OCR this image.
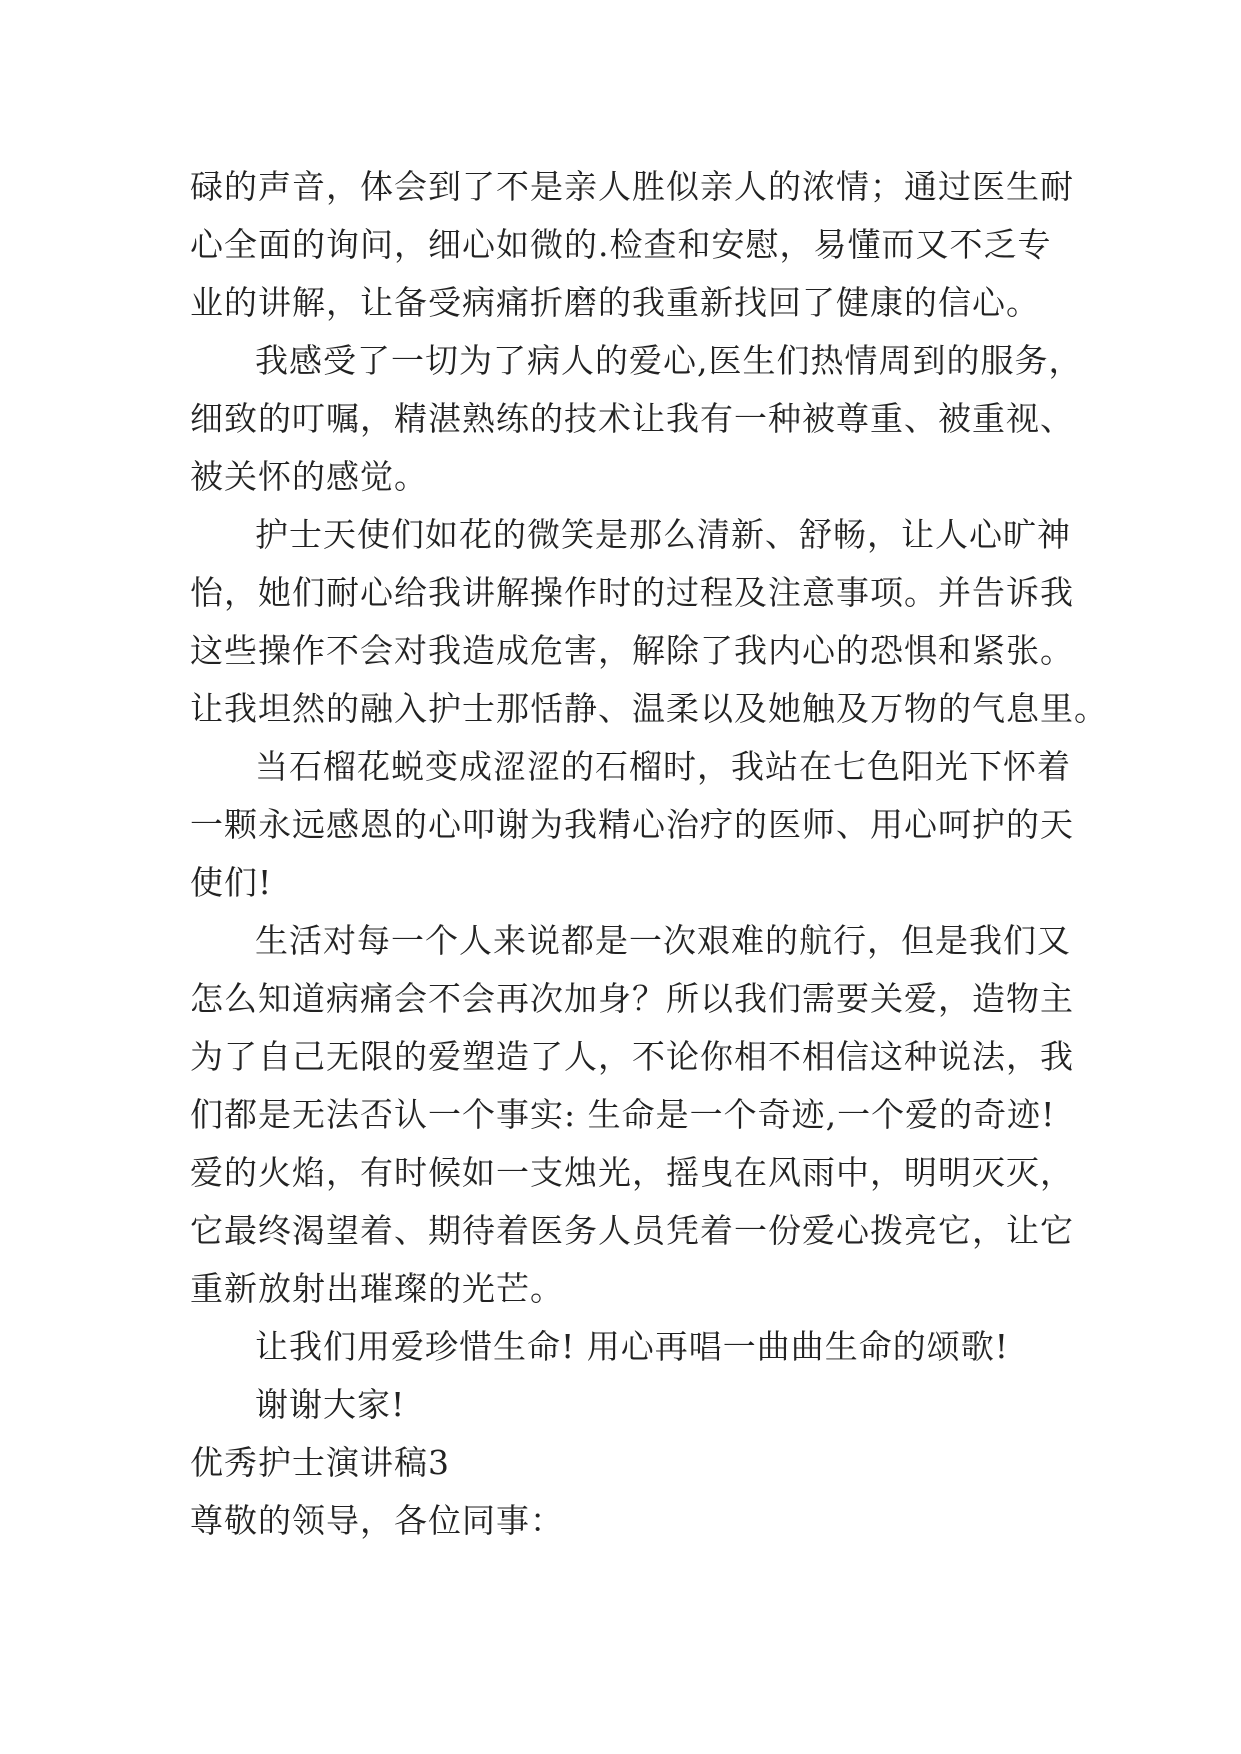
碌的声音，体会到了不是亲人胜似亲人的浓情；通过医生耐
心全面的询问，细心如微的.检查和安慰，易懂而又不乏专
业的讲解，让备受病痛折磨的我重新找回了健康的信心。
我感受了一切为了病人的爱心,医生们热情周到的服务，
细致的叮嘱，精湛熟练的技术让我有一种被尊重、被重视、
被关怀的感觉。
护士天使们如花的微笑是那么清新、舒畅，让人心旷神
怡，她们耐心给我讲解操作时的过程及注意事项。并告诉我
这些操作不会对我造成危害，解除了我内心的恐惧和紧张。
让我坦然的融入护士那恬静、温柔以及她触及万物的气息里。
当石榴花蜕变成涩涩的石榴时，我站在七色阳光下怀着
一颗永远感恩的心叩谢为我精心治疗的医师、用心呵护的天
使们!
生活对每一个人来说都是一次艰难的航行，但是我们又
怎么知道病痛会不会再次加身？所以我们需要关爱，造物主
为了自己无限的爱塑造了人，不论你相不相信这种说法，我
们都是无法否认一个事实: 生命是一个奇迹,一个爱的奇迹!
爱的火焰，有时候如一支烛光，摇曳在风雨中，明明灭灭，
它最终渴望着、期待着医务人员凭着一份爱心拨亮它，让它
重新放射出璀璨的光芒。
让我们用爱珍惜生命! 用心再唱一曲曲生命的颂歌!
谢谢大家!
优秀护士演讲稿3
尊敬的领导，各位同事：
